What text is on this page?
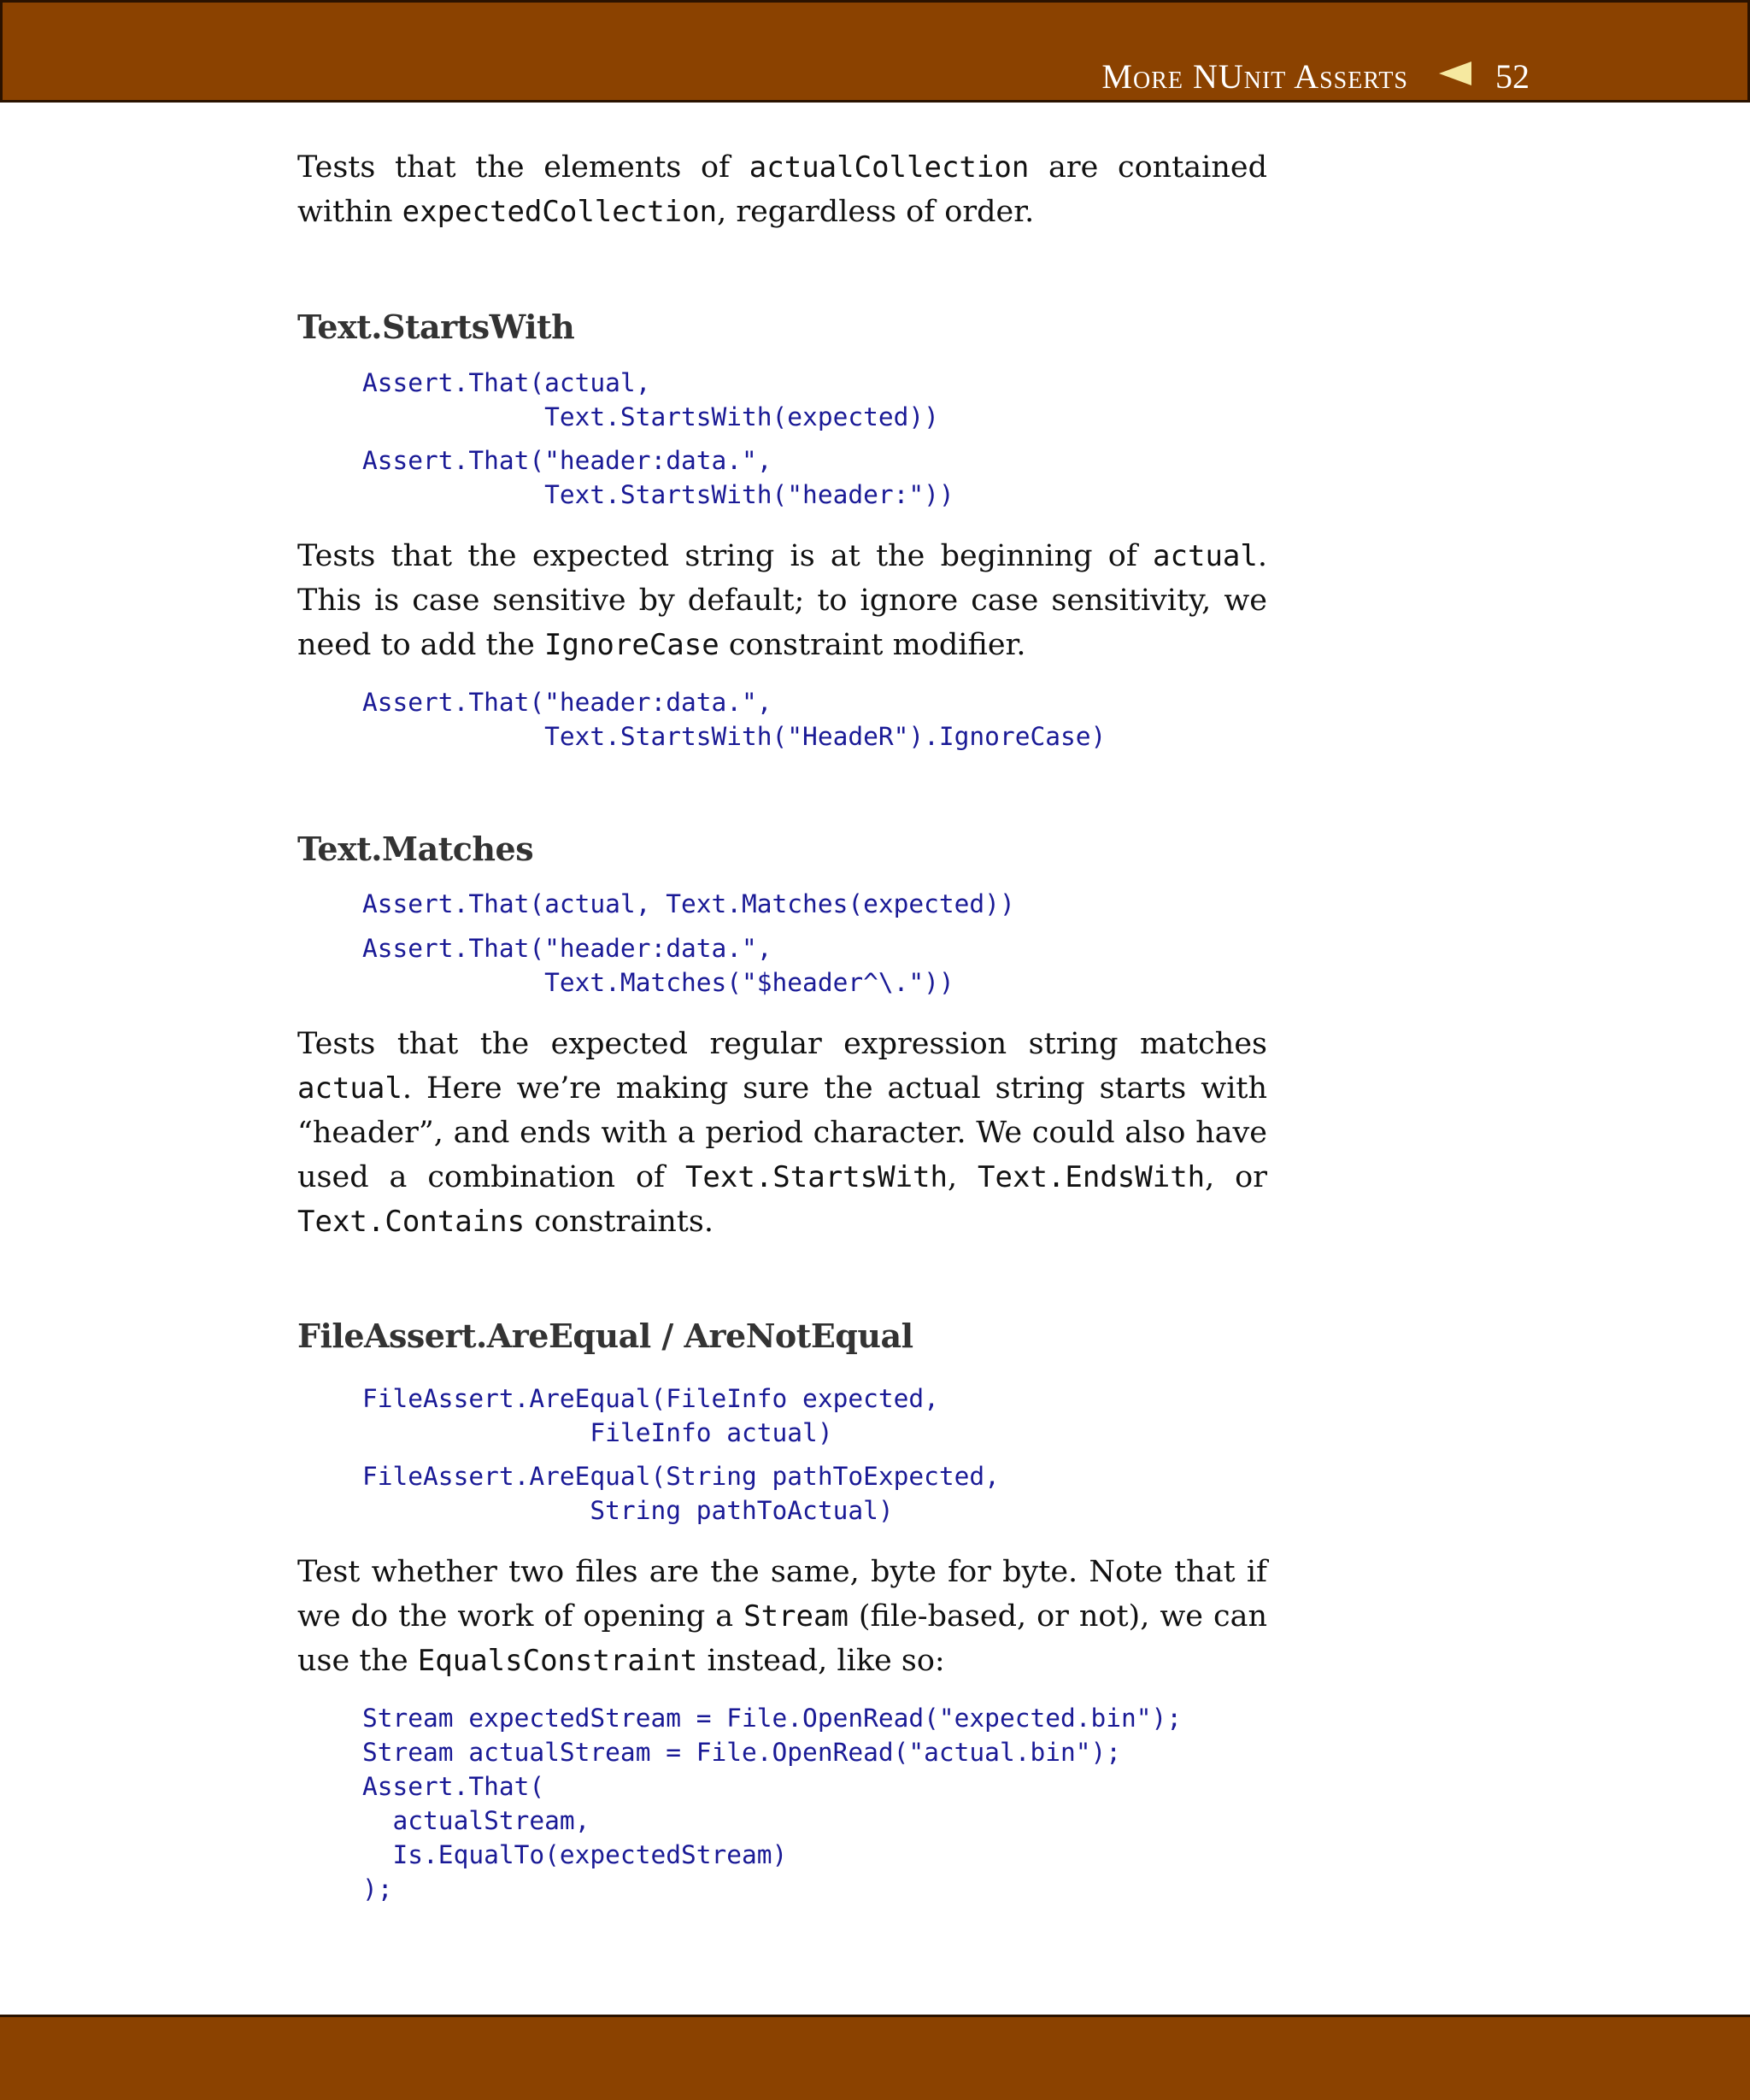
More NUnit Asserts	52

Tests that the elements of actualCollection are contained within expectedCollection, regardless of order.

Text.StartsWith
Assert.That(actual,
Text.StartsWith(expected))
Assert.That("header:data.",
Text.StartsWith("header:"))

Tests that the expected string is at the beginning of actual. This is case sensitive by default; to ignore case sensitivity, we need to add the IgnoreCase constraint modifier.

Assert.That("header:data.",
Text.StartsWith("HeadeR").IgnoreCase)
Text.Matches
Assert.That(actual, Text.Matches(expected))
Assert.That("header:data.",
Text.Matches("$header^\."))

Tests that the expected regular expression string matches actual. Here we’re making sure the actual string starts with “header”, and ends with a period character. We could also have used a combination of Text.StartsWith, Text.EndsWith, or Text.Contains constraints.

FileAssert.AreEqual / AreNotEqual
FileAssert.AreEqual(FileInfo expected,
FileInfo actual)
FileAssert.AreEqual(String pathToExpected,
String pathToActual)

Test whether two files are the same, byte for byte. Note that if we do the work of opening a Stream (file-based, or not), we can use the EqualsConstraint instead, like so:

Stream expectedStream = File.OpenRead("expected.bin");
Stream actualStream = File.OpenRead("actual.bin");
Assert.That(
actualStream,
Is.EqualTo(expectedStream)
);
